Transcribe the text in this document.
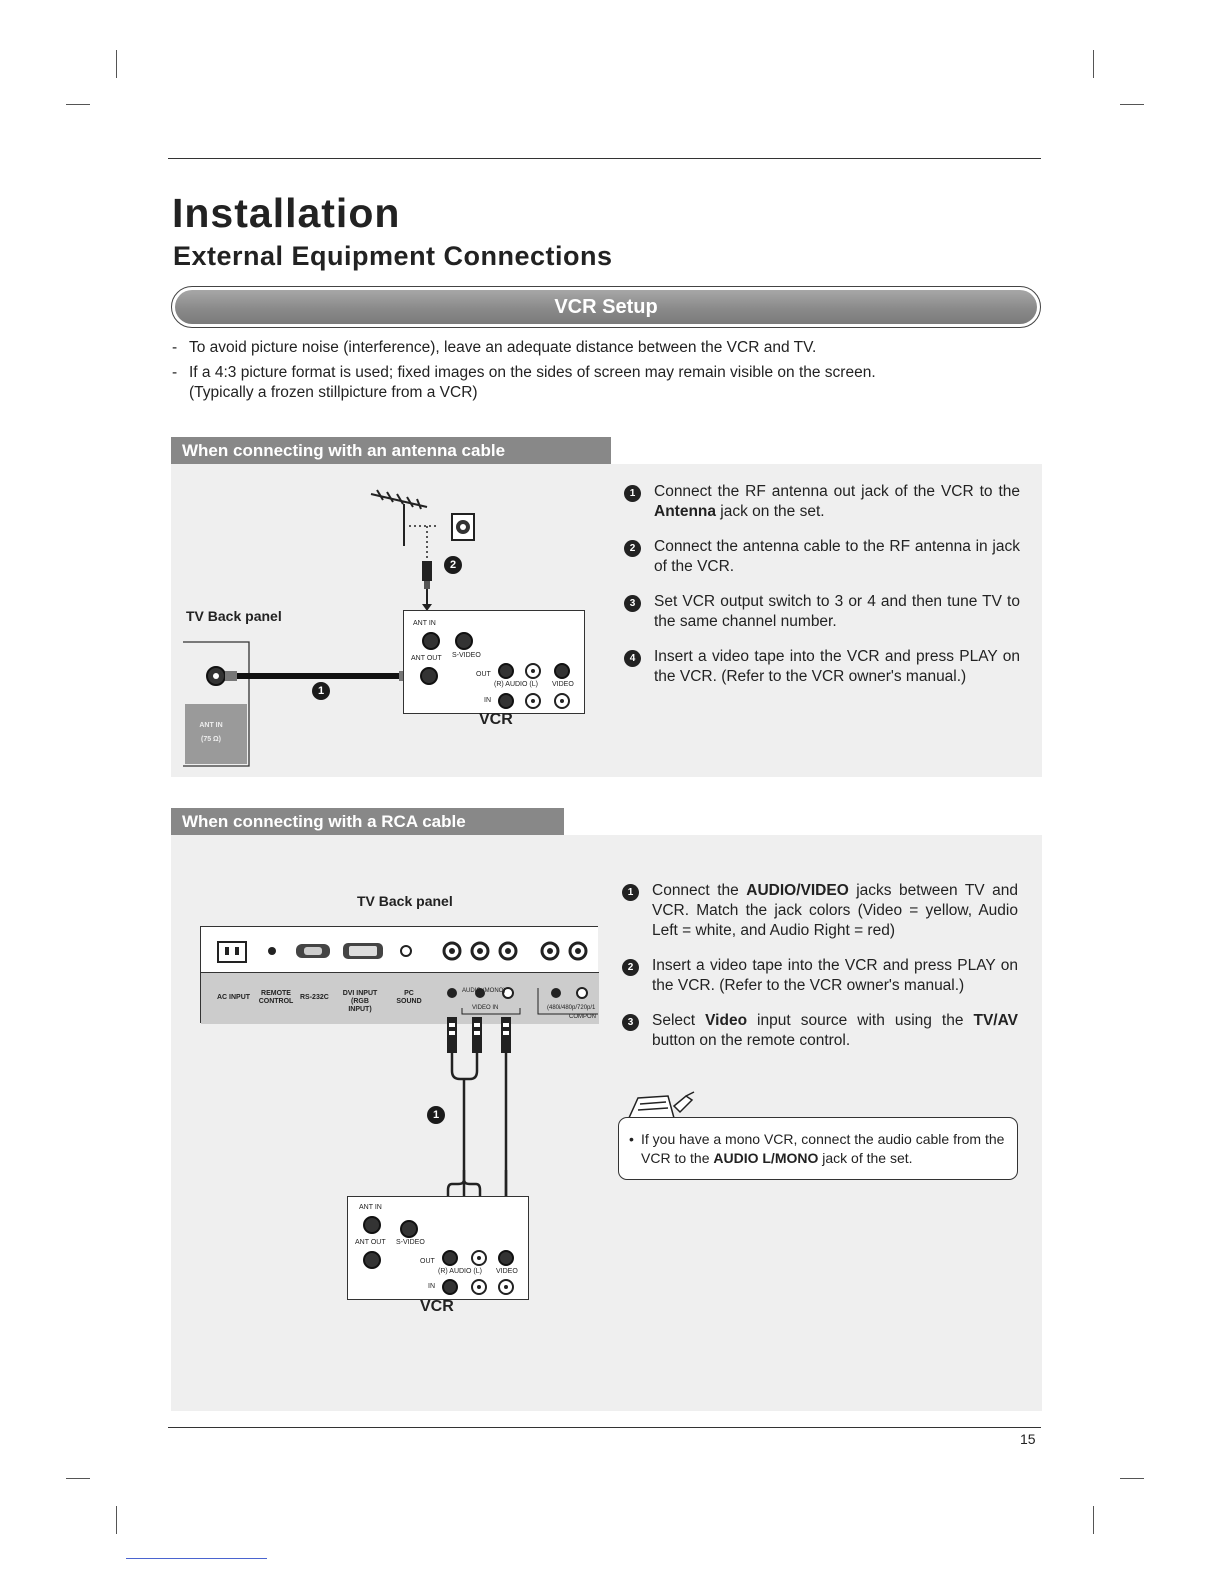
Installation
External Equipment Connections
VCR Setup
- To avoid picture noise (interference), leave an adequate distance between the VCR and TV.
- If a 4:3 picture format is used; fixed images on the sides of screen may remain visible on the screen.
(Typically a frozen stillpicture from a VCR)
When connecting with an antenna cable
TV Back panel
ANT IN
(75 Ω)
2
1
ANT IN
ANT OUT S-VIDEO
OUT
(R) AUDIO (L) VIDEO
IN
VCR
1	Connect the RF antenna out jack of the VCR to the Antenna jack on the set.
2	Connect the antenna cable to the RF antenna in jack of the VCR.
3	Set VCR output switch to 3 or 4 and then tune TV to the same channel number.
4	Insert a video tape into the VCR and press PLAY on the VCR. (Refer to the VCR owner's manual.)
When connecting with a RCA cable
TV Back panel
AC INPUT
REMOTE CONTROL
RS-232C
DVI INPUT (RGB INPUT)
PC SOUND
AUDIO (MONO)
VIDEO IN	(480i/480p/720p/1
COMPON
1
ANT IN
ANT OUT S-VIDEO
OUT
(R) AUDIO (L) VIDEO
IN
VCR
1	Connect the AUDIO/VIDEO jacks between TV and VCR. Match the jack colors (Video = yellow, Audio Left = white, and Audio Right = red)
2	Insert a video tape into the VCR and press PLAY on the VCR. (Refer to the VCR owner's manual.)
3	Select Video input source with using the TV/AV button on the remote control.
• If you have a mono VCR, connect the audio cable from the VCR to the AUDIO L/MONO jack of the set.
15
